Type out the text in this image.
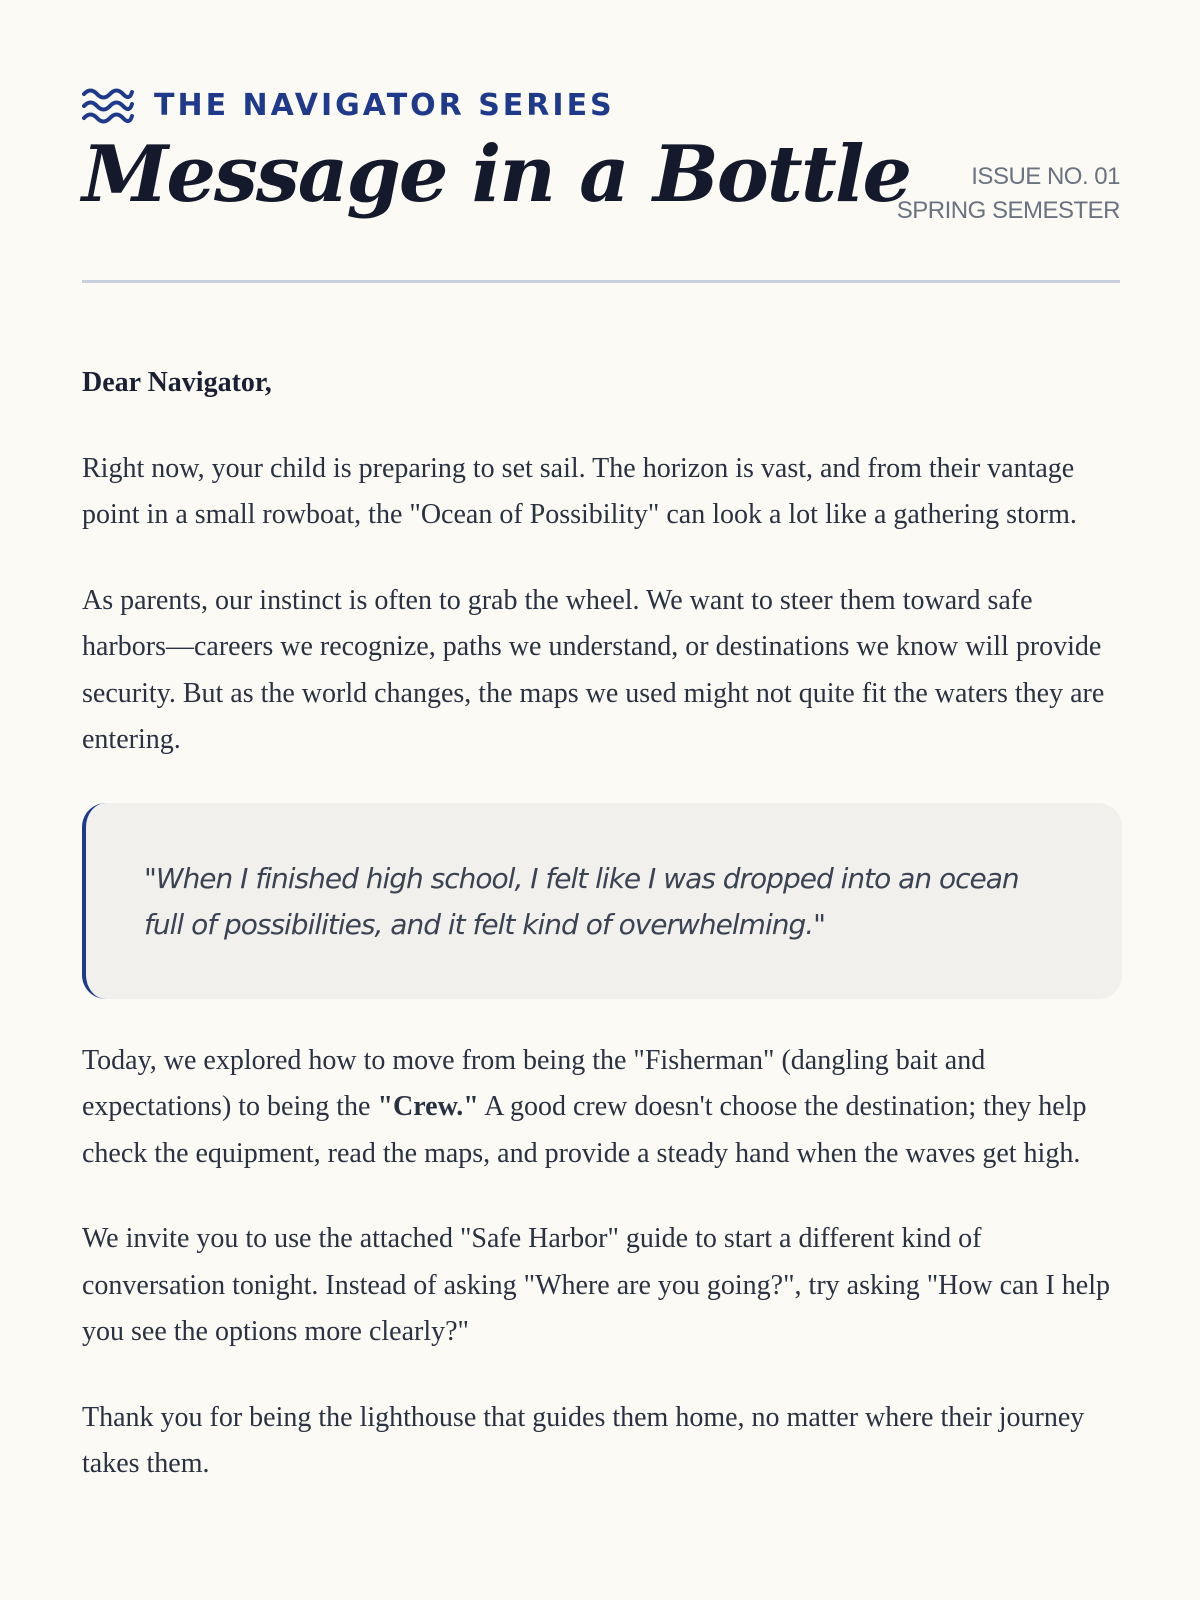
THE NAVIGATOR SERIES
Message in a Bottle	ISSUE NO. 01
SPRING SEMESTER

Dear Navigator,

Right now, your child is preparing to set sail. The horizon is vast, and from their vantage point in a small rowboat, the "Ocean of Possibility" can look a lot like a gathering storm.

As parents, our instinct is often to grab the wheel. We want to steer them toward safe harbors—careers we recognize, paths we understand, or destinations we know will provide security. But as the world changes, the maps we used might not quite fit the waters they are entering.

"When I finished high school, I felt like I was dropped into an ocean full of possibilities, and it felt kind of overwhelming."

Today, we explored how to move from being the "Fisherman" (dangling bait and expectations) to being the "Crew." A good crew doesn't choose the destination; they help check the equipment, read the maps, and provide a steady hand when the waves get high.

We invite you to use the attached "Safe Harbor" guide to start a different kind of conversation tonight. Instead of asking "Where are you going?", try asking "How can I help you see the options more clearly?"

Thank you for being the lighthouse that guides them home, no matter where their journey takes them.
